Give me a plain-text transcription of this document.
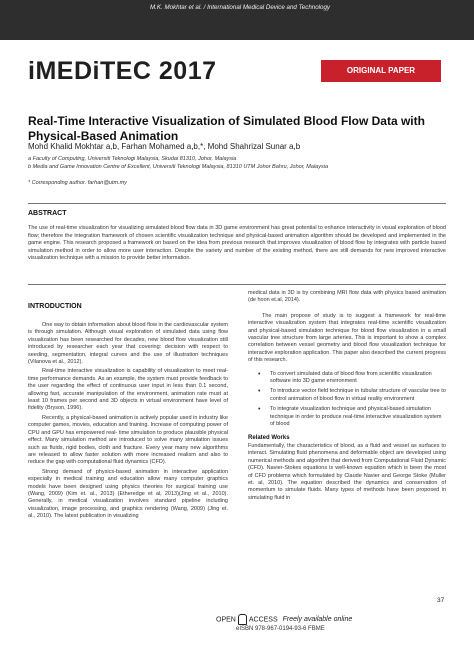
M.K. Mokhtar et al. / International Medical Device and Technology
iMEDiTEC 2017	ORIGINAL PAPER
Real-Time Interactive Visualization of Simulated Blood Flow Data with Physical-Based Animation
Mohd Khalid Mokhtar a,b, Farhan Mohamed a,b,*, Mohd Shahrizal Sunar a,b
a Faculty of Computing, Universiti Teknologi Malaysia, Skudai 81310, Johor, Malaysia
b Media and Game Innovation Centre of Excellent, Universiti Teknologi Malaysia, 81310 UTM Johor Bahru, Johor, Malaysia
* Corresponding author. farhan@utm.my
ABSTRACT
The use of real-time visualization for visualizing simulated blood flow data in 3D game environment has great potential to enhance interactivity in visual exploration of blood flow; therefore the integration framework of chosen scientific visualization technique and physical-based animation algorithm should be developed and implemented in the game engine. This research proposed a framework on based on the idea from previous research that improves visualization of blood flow by integrates with particle based simulation method in order to allow more user interaction. Despite the variety and number of the existing method, there are still demands for new improved interactive visualization technique with a mission to provide better information.
INTRODUCTION

One way to obtain information about blood flow in the cardiovascular system is through simulation. Although visual exploration of simulated data using flow visualization has been researched for decades, new blood flow visualization still introduced by researcher each year that covering: decision with respect to seeding, segmentation, integral curves and the use of illustration techniques (Vilanova et al., 2012).

Real-time interactive visualization is capability of visualization to meet real-time performance demands. As an example, the system must provide feedback to the user regarding the effect of continuous user input in less than 0.1 second, allowing fast, accurate manipulation of the environment, animation rate must at least 10 frames per second and 3D objects in virtual environment have level of fidelity (Bryson, 1996).

Recently, a physical-based animation is actively popular used in industry like computer games, movies, education and training. Increase of computing power of CPU and GPU has empowered real- time simulation to produce plausible physical effect. Many simulation method are introduced to solve many simulation issues such as fluids, rigid bodies, cloth and fracture. Every year many new algorithms are released to allow faster solution with more increased realism and also to reduce the gap with computational fluid dynamics (CFD).

Strong demand of physics-based animation in interactive application especially in medical training and education allow many computer graphics models have been designed using physics theories for surgical training use (Wang, 2009) (Kim et. al., 2013) (Etheredge et al, 2013)(Jing et al., 2010). Generally, in medical visualization involves standard pipeline including visualization, image processing, and graphics rendering (Wang, 2009) (Jing et. al., 2010). The latest publication in visualizing

medical data in 3D is by combining MRI flow data with physics based animation (de hoon et.al, 2014).

The main propose of study is to suggest a framework for real-time interactive visualization system that integrates real-time scientific visualization and physical-based simulation technique for blood flow visualization in a small vascular tree structure from large arteries. This is important to show a complex correlation between vessel geometry and blood flow visualization technique for interactive exploration application. This paper also described the current progress of this research.

• To convert simulated data of blood flow from scientific visualization software into 3D game environment
• To introduce vector field technique in tubular structure of vascular tree to control animation of blood flow in virtual reality environment
• To integrate visualization technique and physical-based simulation technique in order to produce real-time interactive visualization system of blood
Related Works

Fundamentally, the characteristics of blood, as a fluid and vessel as surfaces to interact. Simulating fluid phenomena and deformable object are developed using numerical methods and algorithm that derived from Computational Fluid Dynamic (CFD). Navier-Stokes equations is well-known equation which is been the most of CFD problems which formulated by Claude Navier and George Stoke (Muller et. al, 2010). The equation described the dynamics and conservation of momentum to simulate fluids. Many types of methods have been proposed in simulating fluid in

37
OPEN ACCESS Freely available online
eISBN 978-967-0194-93-6 FBME
